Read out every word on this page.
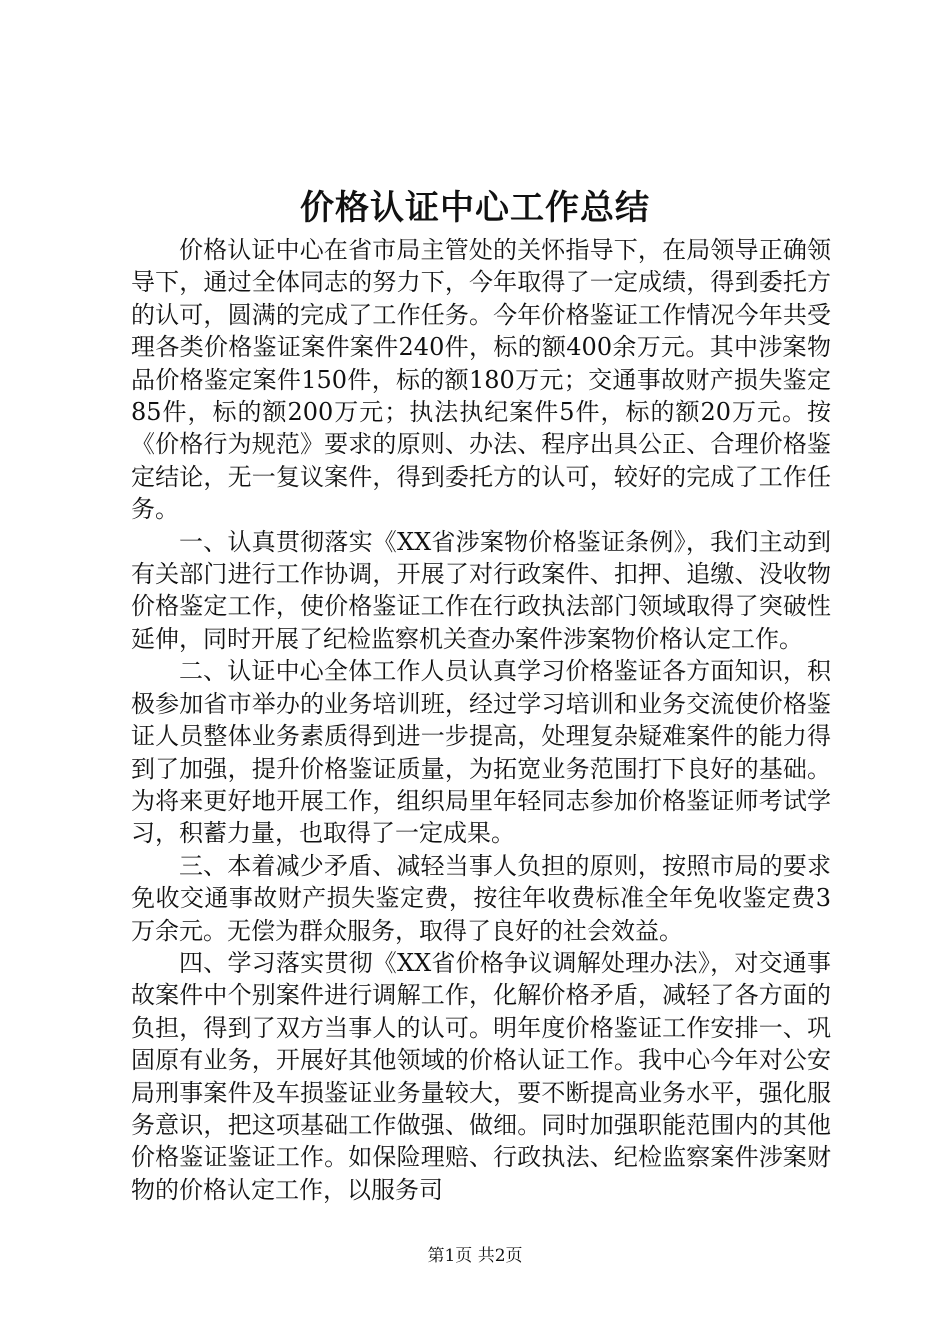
价格认证中心工作总结

价格认证中心在省市局主管处的关怀指导下，在局领导正确领导下，通过全体同志的努力下，今年取得了一定成绩，得到委托方的认可，圆满的完成了工作任务。今年价格鉴证工作情况今年共受理各类价格鉴证案件案件240件，标的额400余万元。其中涉案物品价格鉴定案件150件，标的额180万元；交通事故财产损失鉴定85件，标的额200万元；执法执纪案件5件，标的额20万元。按《价格行为规范》要求的原则、办法、程序出具公正、合理价格鉴定结论，无一复议案件，得到委托方的认可，较好的完成了工作任务。

一、认真贯彻落实《XX省涉案物价格鉴证条例》，我们主动到有关部门进行工作协调，开展了对行政案件、扣押、追缴、没收物价格鉴定工作，使价格鉴证工作在行政执法部门领域取得了突破性延伸，同时开展了纪检监察机关查办案件涉案物价格认定工作。

二、认证中心全体工作人员认真学习价格鉴证各方面知识，积极参加省市举办的业务培训班，经过学习培训和业务交流使价格鉴证人员整体业务素质得到进一步提高，处理复杂疑难案件的能力得到了加强，提升价格鉴证质量，为拓宽业务范围打下良好的基础。为将来更好地开展工作，组织局里年轻同志参加价格鉴证师考试学习，积蓄力量，也取得了一定成果。

三、本着减少矛盾、减轻当事人负担的原则，按照市局的要求免收交通事故财产损失鉴定费，按往年收费标准全年免收鉴定费3万余元。无偿为群众服务，取得了良好的社会效益。

四、学习落实贯彻《XX省价格争议调解处理办法》，对交通事故案件中个别案件进行调解工作，化解价格矛盾，减轻了各方面的负担，得到了双方当事人的认可。明年度价格鉴证工作安排一、巩固原有业务，开展好其他领域的价格认证工作。我中心今年对公安局刑事案件及车损鉴证业务量较大，要不断提高业务水平，强化服务意识，把这项基础工作做强、做细。同时加强职能范围内的其他价格鉴证鉴证工作。如保险理赔、行政执法、纪检监察案件涉案财物的价格认定工作，以服务司

第1页 共2页
